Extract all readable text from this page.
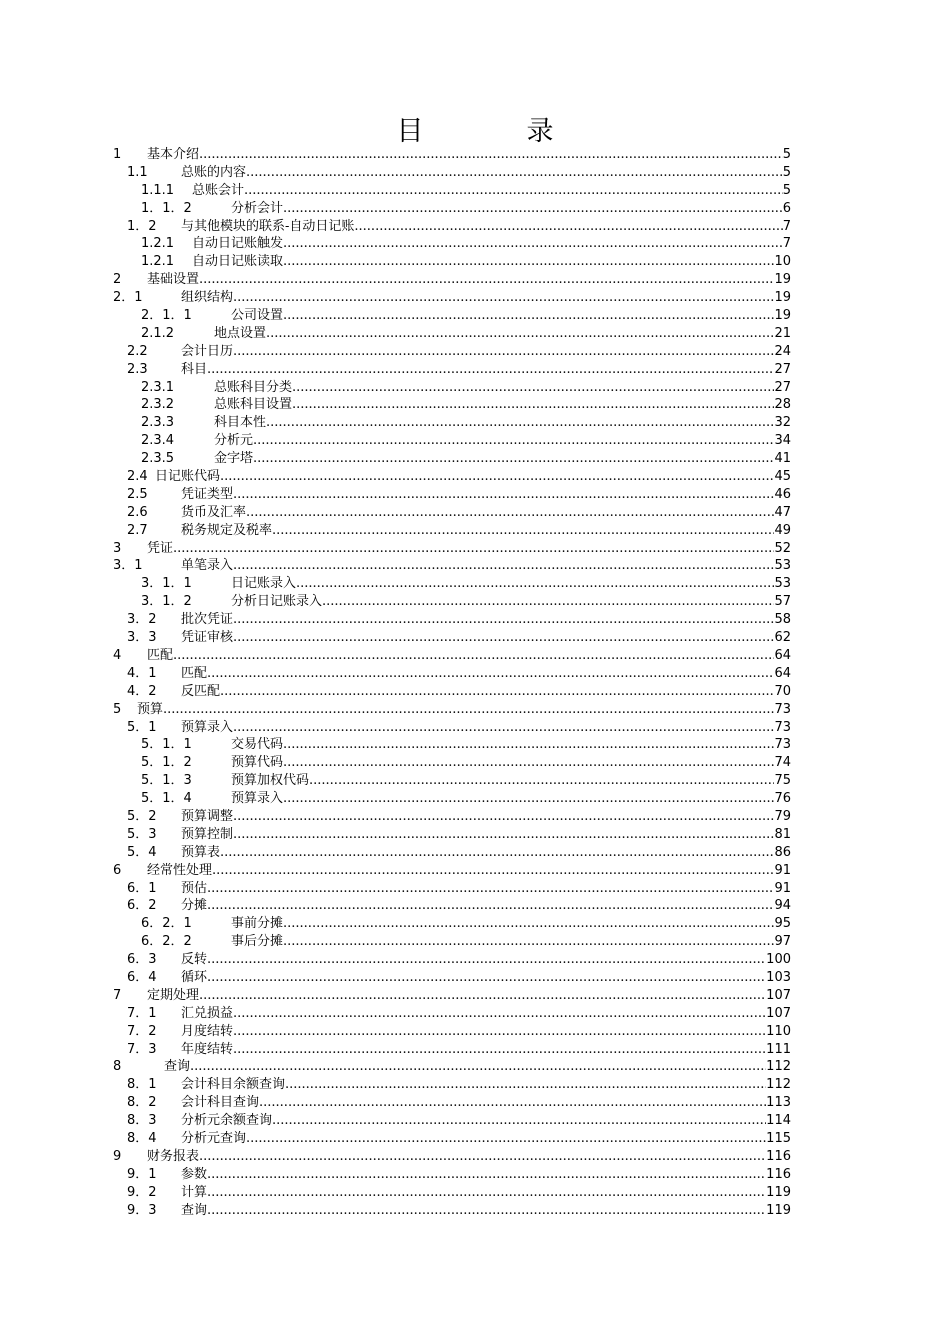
目　录
1	基本介绍 .....	5
1.1	总账的内容 .....	5
1.1.1	总账会计 .....	5
1．1．2	分析会计 .....	6
1．2	与其他模块的联系-自动日记账 .....	7
1.2.1	自动日记账触发 .....	7
1.2.1	自动日记账读取 .....	10
2	基础设置 .....	19
2．1	组织结构 .....	19
2．1．1	公司设置 .....	19
2.1.2	地点设置 .....	21
2.2	会计日历 .....	24
2.3	科目 .....	27
2.3.1	总账科目分类 .....	27
2.3.2	总账科目设置 .....	28
2.3.3	科目本性 .....	32
2.3.4	分析元 .....	34
2.3.5	金字塔 .....	41
2.4 日记账代码 .....	45
2.5	凭证类型 .....	46
2.6	货币及汇率 .....	47
2.7	税务规定及税率 .....	49
3	凭证 .....	52
3．1	单笔录入 .....	53
3．1．1	日记账录入 .....	53
3．1．2	分析日记账录入 .....	57
3．2	批次凭证 .....	58
3．3	凭证审核 .....	62
4	匹配 .....	64
4．1	匹配 .....	64
4．2	反匹配 .....	70
5	预算 .....	73
5．1	预算录入 .....	73
5．1．1	交易代码 .....	73
5．1．2	预算代码 .....	74
5．1．3	预算加权代码 .....	75
5．1．4	预算录入 .....	76
5．2	预算调整 .....	79
5．3	预算控制 .....	81
5．4	预算表 .....	86
6	经常性处理 .....	91
6．1	预估 .....	91
6．2	分摊 .....	94
6．2．1	事前分摊 .....	95
6．2．2	事后分摊 .....	97
6．3	反转 .....	100
6．4	循环 .....	103
7	定期处理 .....	107
7．1	汇兑损益 .....	107
7．2	月度结转 .....	110
7．3	年度结转 .....	111
8	查询 .....	112
8．1	会计科目余额查询 .....	112
8．2	会计科目查询 .....	113
8．3	分析元余额查询 .....	114
8．4	分析元查询 .....	115
9	财务报表 .....	116
9．1	参数 .....	116
9．2	计算 .....	119
9．3	查询 .....	119
